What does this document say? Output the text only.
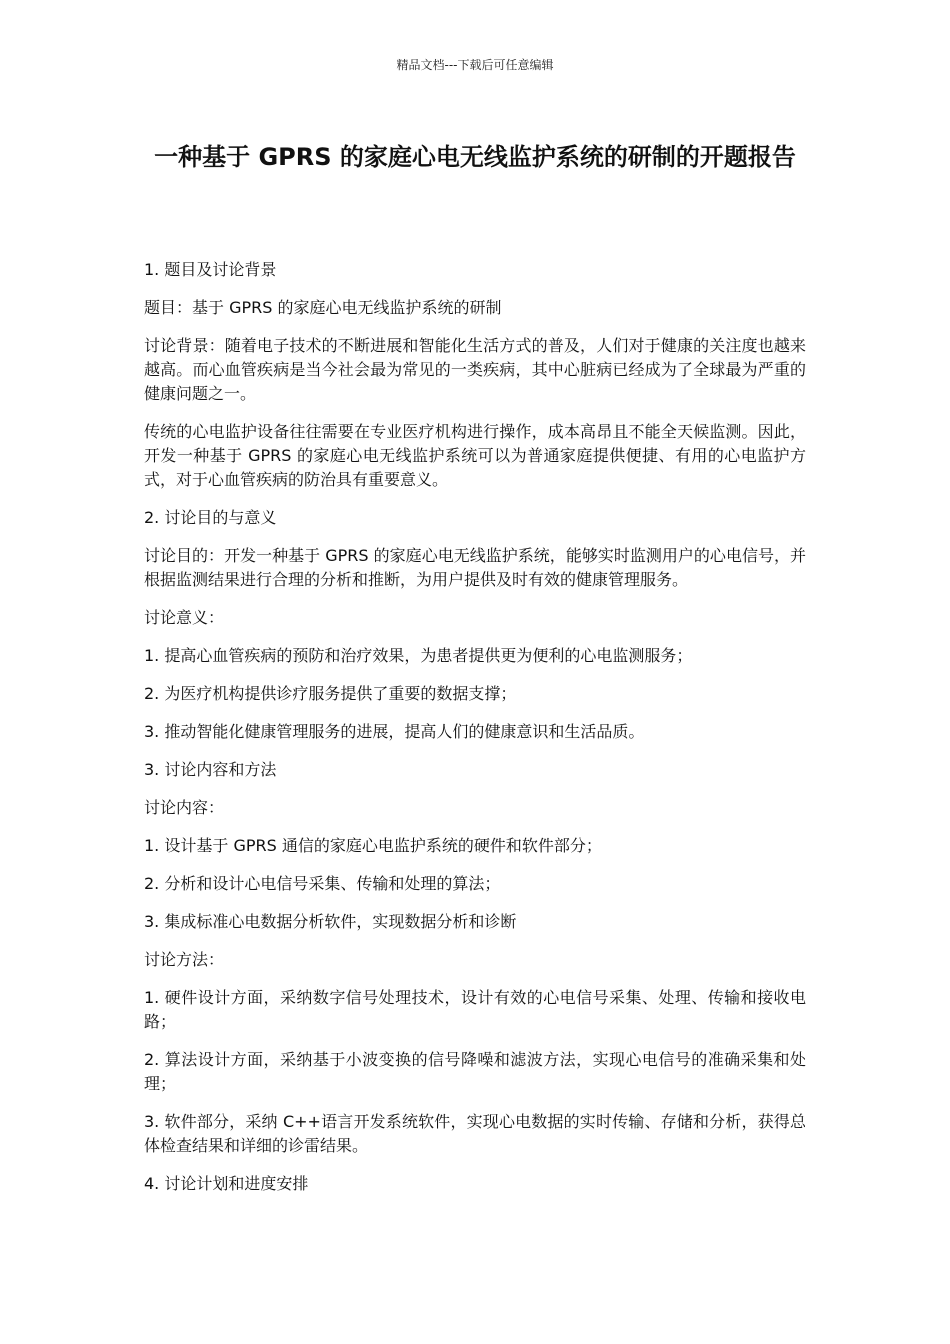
精品文档---下载后可任意编辑
一种基于 GPRS 的家庭心电无线监护系统的研制的开题报告

1. 题目及讨论背景

题目：基于 GPRS 的家庭心电无线监护系统的研制

讨论背景：随着电子技术的不断进展和智能化生活方式的普及，人们对于健康的关注度也越来越高。而心血管疾病是当今社会最为常见的一类疾病，其中心脏病已经成为了全球最为严重的健康问题之一。

传统的心电监护设备往往需要在专业医疗机构进行操作，成本高昂且不能全天候监测。因此，开发一种基于 GPRS 的家庭心电无线监护系统可以为普通家庭提供便捷、有用的心电监护方式，对于心血管疾病的防治具有重要意义。

2. 讨论目的与意义

讨论目的：开发一种基于 GPRS 的家庭心电无线监护系统，能够实时监测用户的心电信号，并根据监测结果进行合理的分析和推断，为用户提供及时有效的健康管理服务。

讨论意义：

1. 提高心血管疾病的预防和治疗效果，为患者提供更为便利的心电监测服务；

2. 为医疗机构提供诊疗服务提供了重要的数据支撑；

3. 推动智能化健康管理服务的进展，提高人们的健康意识和生活品质。

3. 讨论内容和方法

讨论内容：

1. 设计基于 GPRS 通信的家庭心电监护系统的硬件和软件部分；

2. 分析和设计心电信号采集、传输和处理的算法；

3. 集成标准心电数据分析软件，实现数据分析和诊断

讨论方法：

1. 硬件设计方面，采纳数字信号处理技术，设计有效的心电信号采集、处理、传输和接收电路；

2. 算法设计方面，采纳基于小波变换的信号降噪和滤波方法，实现心电信号的准确采集和处理；

3. 软件部分，采纳 C++语言开发系统软件，实现心电数据的实时传输、存储和分析，获得总体检查结果和详细的诊雷结果。

4. 讨论计划和进度安排
